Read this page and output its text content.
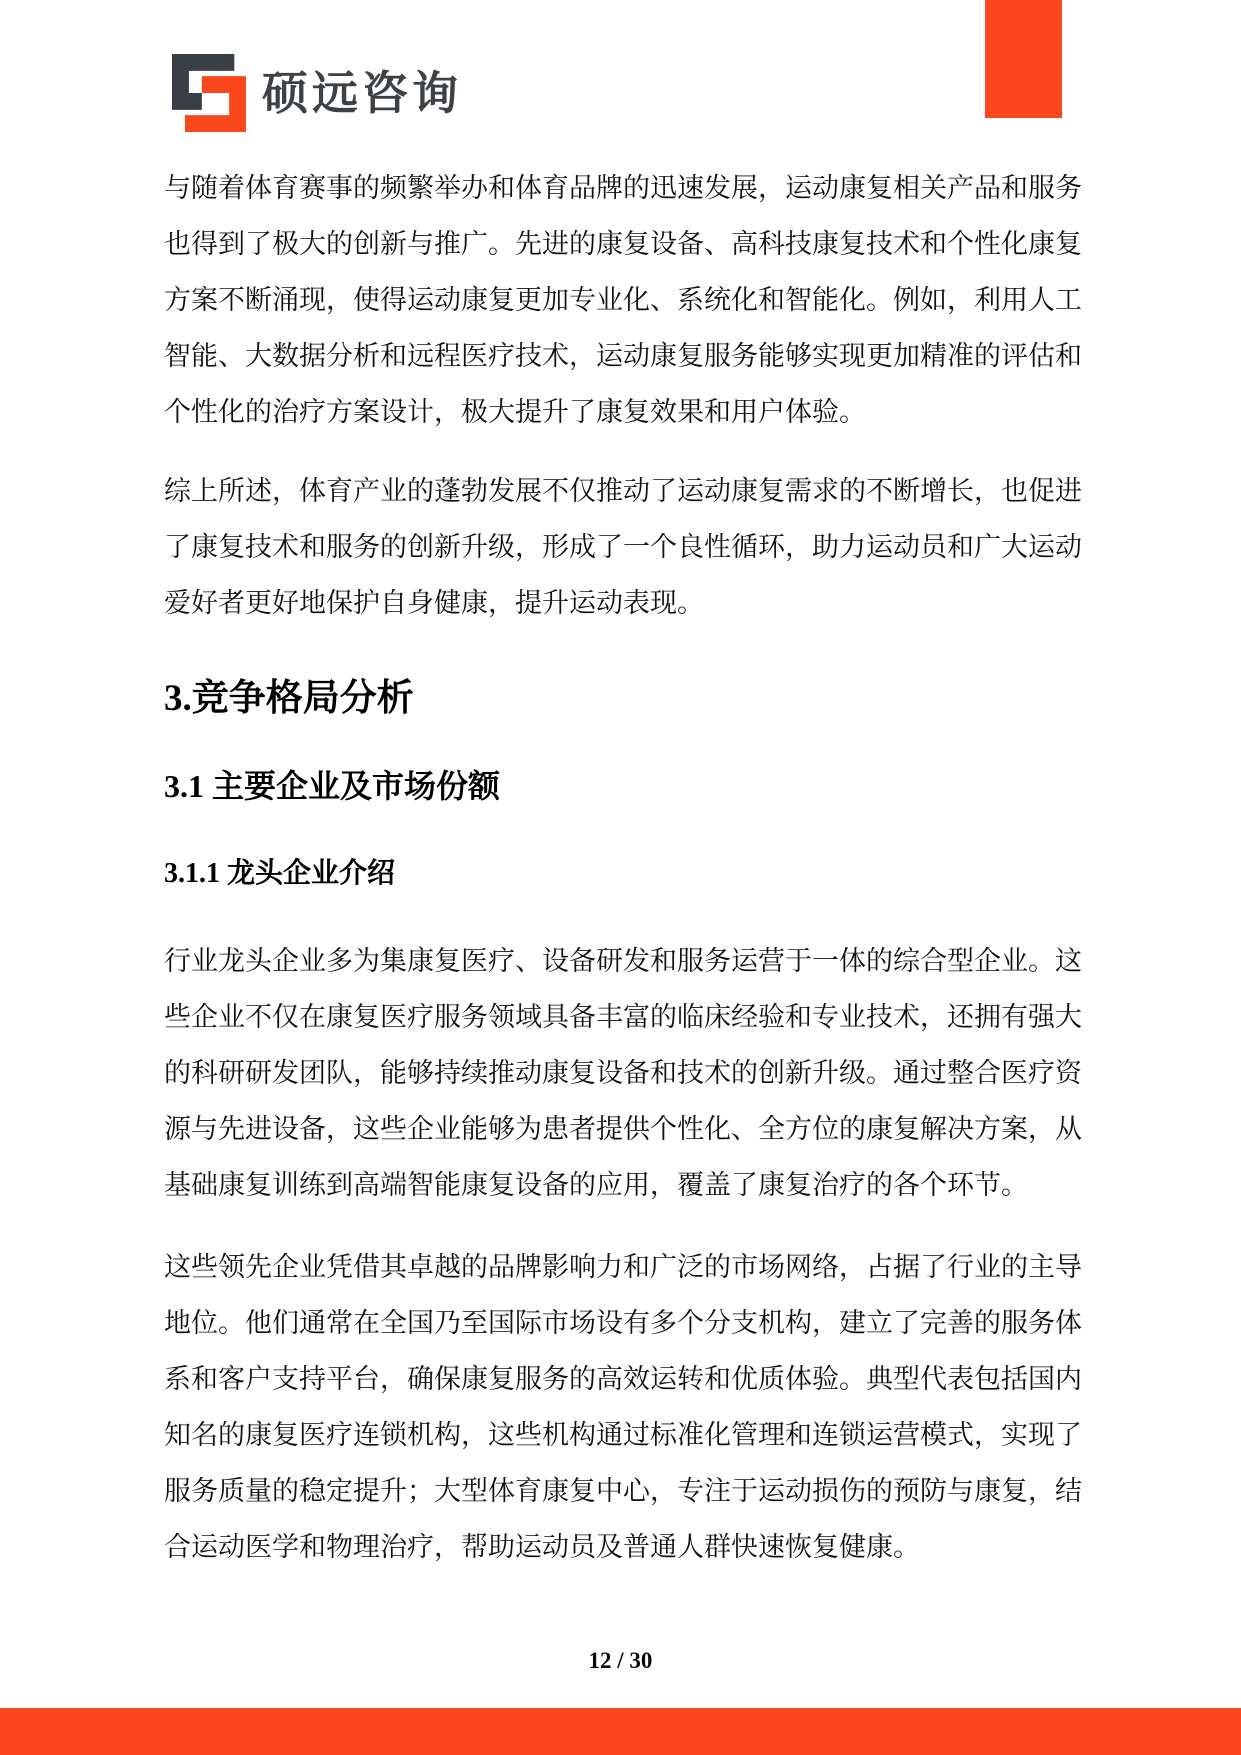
硕远咨询
与随着体育赛事的频繁举办和体育品牌的迅速发展，运动康复相关产品和服务
也得到了极大的创新与推广。先进的康复设备、高科技康复技术和个性化康复
方案不断涌现，使得运动康复更加专业化、系统化和智能化。例如，利用人工
智能、大数据分析和远程医疗技术，运动康复服务能够实现更加精准的评估和
个性化的治疗方案设计，极大提升了康复效果和用户体验。
综上所述，体育产业的蓬勃发展不仅推动了运动康复需求的不断增长，也促进
了康复技术和服务的创新升级，形成了一个良性循环，助力运动员和广大运动
爱好者更好地保护自身健康，提升运动表现。
3.竞争格局分析
3.1 主要企业及市场份额
3.1.1 龙头企业介绍
行业龙头企业多为集康复医疗、设备研发和服务运营于一体的综合型企业。这
些企业不仅在康复医疗服务领域具备丰富的临床经验和专业技术，还拥有强大
的科研研发团队，能够持续推动康复设备和技术的创新升级。通过整合医疗资
源与先进设备，这些企业能够为患者提供个性化、全方位的康复解决方案，从
基础康复训练到高端智能康复设备的应用，覆盖了康复治疗的各个环节。
这些领先企业凭借其卓越的品牌影响力和广泛的市场网络，占据了行业的主导
地位。他们通常在全国乃至国际市场设有多个分支机构，建立了完善的服务体
系和客户支持平台，确保康复服务的高效运转和优质体验。典型代表包括国内
知名的康复医疗连锁机构，这些机构通过标准化管理和连锁运营模式，实现了
服务质量的稳定提升；大型体育康复中心，专注于运动损伤的预防与康复，结
合运动医学和物理治疗，帮助运动员及普通人群快速恢复健康。
12 / 30
